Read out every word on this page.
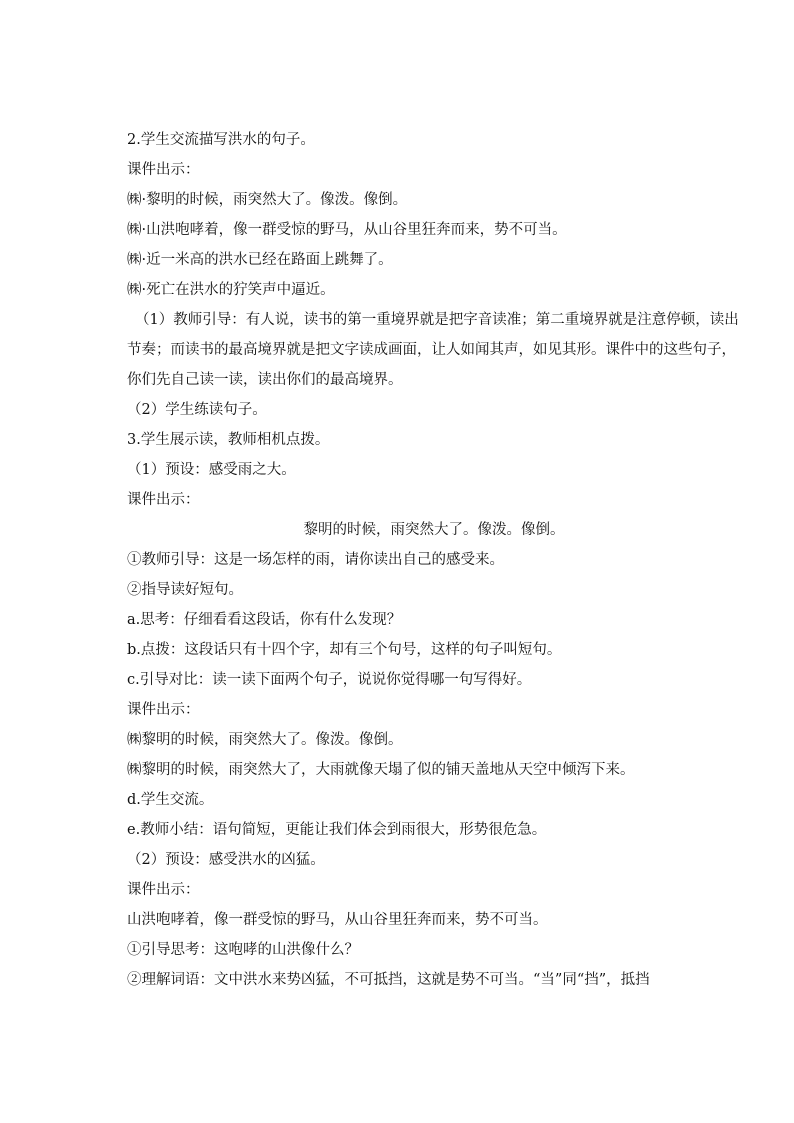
2.学生交流描写洪水的句子。
课件出示：
㈱·黎明的时候，雨突然大了。像泼。像倒。
㈱·山洪咆哮着，像一群受惊的野马，从山谷里狂奔而来，势不可当。
㈱·近一米高的洪水已经在路面上跳舞了。
㈱·死亡在洪水的狞笑声中逼近。
（1）教师引导：有人说，读书的第一重境界就是把字音读准；第二重境界就是注意停顿，读出节奏；而读书的最高境界就是把文字读成画面，让人如闻其声，如见其形。课件中的这些句子，你们先自己读一读，读出你们的最高境界。
（2）学生练读句子。
3.学生展示读，教师相机点拨。
（1）预设：感受雨之大。
课件出示：
黎明的时候，雨突然大了。像泼。像倒。
①教师引导：这是一场怎样的雨，请你读出自己的感受来。
②指导读好短句。
a.思考：仔细看看这段话，你有什么发现？
b.点拨：这段话只有十四个字，却有三个句号，这样的句子叫短句。
c.引导对比：读一读下面两个句子，说说你觉得哪一句写得好。
课件出示：
㈱黎明的时候，雨突然大了。像泼。像倒。
㈱黎明的时候，雨突然大了，大雨就像天塌了似的铺天盖地从天空中倾泻下来。
d.学生交流。
e.教师小结：语句简短，更能让我们体会到雨很大，形势很危急。
（2）预设：感受洪水的凶猛。
课件出示：
山洪咆哮着，像一群受惊的野马，从山谷里狂奔而来，势不可当。
①引导思考：这咆哮的山洪像什么？
②理解词语：文中洪水来势凶猛，不可抵挡，这就是势不可当。“当”同“挡”，抵挡
